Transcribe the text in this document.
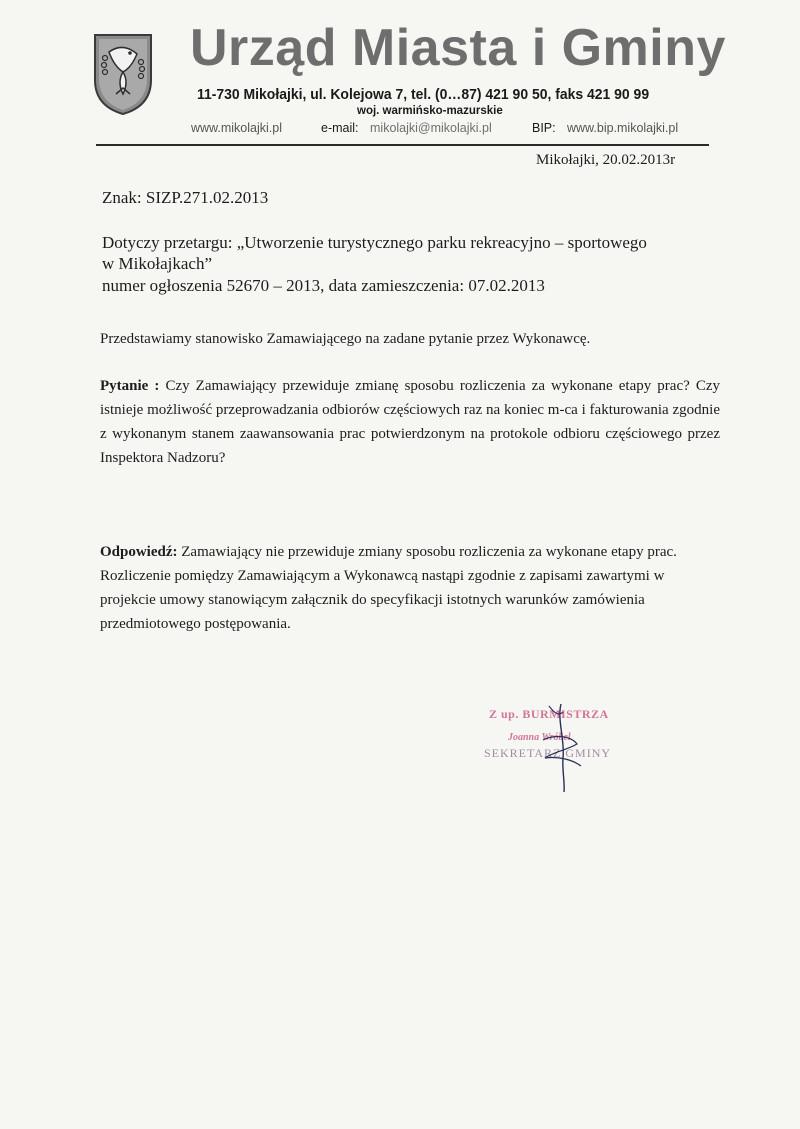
Urząd Miasta i Gminy
11-730 Mikołajki, ul. Kolejowa 7, tel. (0…87) 421 90 50, faks 421 90 99
woj. warmińsko-mazurskie
www.mikolajki.pl	e-mail: mikolajki@mikolajki.pl	BIP: www.bip.mikolajki.pl
Mikołajki, 20.02.2013r
Znak: SIZP.271.02.2013
Dotyczy przetargu: „Utworzenie turystycznego parku rekreacyjno – sportowego
w Mikołajkach”
numer ogłoszenia 52670 – 2013, data zamieszczenia: 07.02.2013
Przedstawiamy stanowisko Zamawiającego na zadane pytanie przez Wykonawcę.
Pytanie : Czy Zamawiający przewiduje zmianę sposobu rozliczenia za wykonane etapy prac? Czy istnieje możliwość przeprowadzania odbiorów częściowych raz na koniec m-ca i fakturowania zgodnie z wykonanym stanem zaawansowania prac potwierdzonym na protokole odbioru częściowego przez Inspektora Nadzoru?
Odpowiedź: Zamawiający nie przewiduje zmiany sposobu rozliczenia za wykonane etapy prac. Rozliczenie pomiędzy Zamawiającym a Wykonawcą nastąpi zgodnie z zapisami zawartymi w projekcie umowy stanowiącym załącznik do specyfikacji istotnych warunków zamówienia przedmiotowego postępowania.
Z up. BURMISTRZA
Joanna Wróbel
SEKRETARZ GMINY
